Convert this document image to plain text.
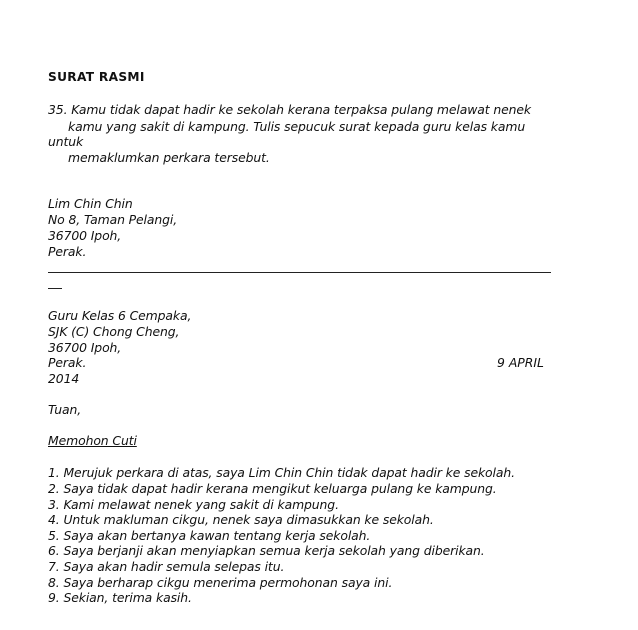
SURAT RASMI
35. Kamu tidak dapat hadir ke sekolah kerana terpaksa pulang melawat nenek
kamu yang sakit di kampung. Tulis sepucuk surat kepada guru kelas kamu
untuk
memaklumkan perkara tersebut.
Lim Chin Chin
No 8, Taman Pelangi,
36700 Ipoh,
Perak.
Guru Kelas 6 Cempaka,
SJK (C) Chong Cheng,
36700 Ipoh,
Perak.	9 APRIL
2014
Tuan,
Memohon Cuti
1. Merujuk perkara di atas, saya Lim Chin Chin tidak dapat hadir ke sekolah.
2. Saya tidak dapat hadir kerana mengikut keluarga pulang ke kampung.
3. Kami melawat nenek yang sakit di kampung.
4. Untuk makluman cikgu, nenek saya dimasukkan ke sekolah.
5. Saya akan bertanya kawan tentang kerja sekolah.
6. Saya berjanji akan menyiapkan semua kerja sekolah yang diberikan.
7. Saya akan hadir semula selepas itu.
8. Saya berharap cikgu menerima permohonan saya ini.
9. Sekian, terima kasih.
